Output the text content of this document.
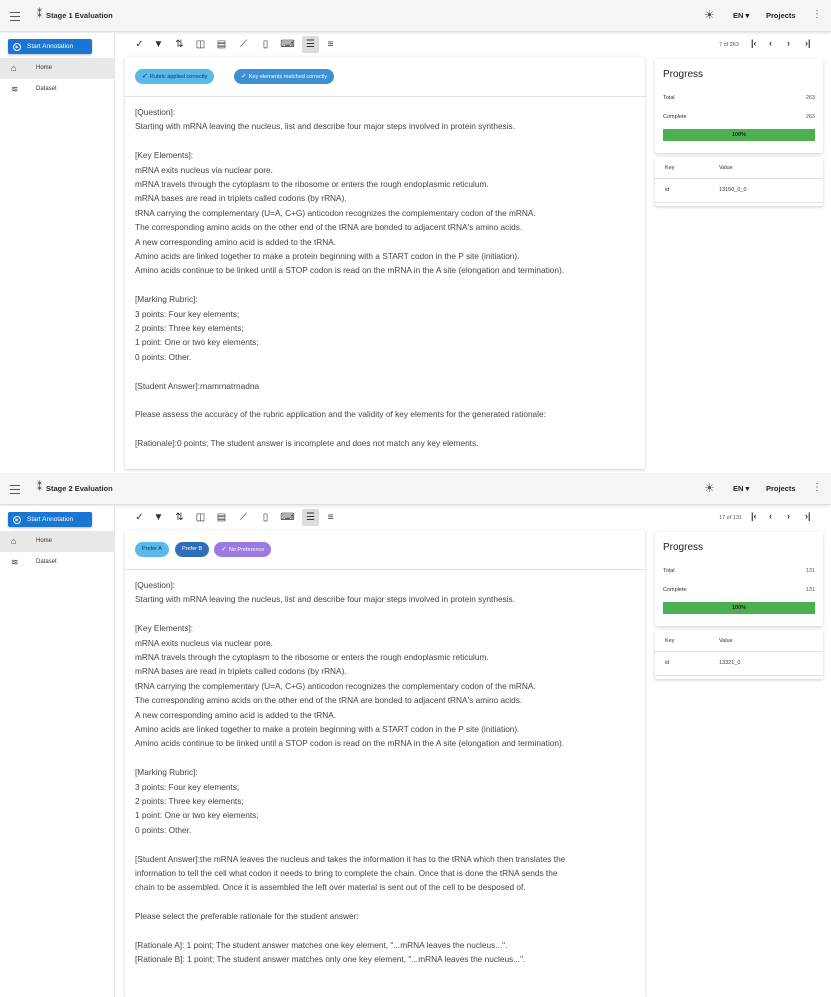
⁑ Stage 1 Evaluation	☀ EN ▾ Projects ⋮
▶	Start Annotation
⌂	Home
≋	Dataset
✓ ▼	⇅	◫	▤	⟋	▯	⌨	☰	≡
✓ Rubric applied correctly	✓ Key elements matched correctly
[Question]:
Starting with mRNA leaving the nucleus, list and describe four major steps involved in protein synthesis.
[Key Elements]:
mRNA exits nucleus via nuclear pore.
mRNA travels through the cytoplasm to the ribosome or enters the rough endoplasmic reticulum.
mRNA bases are read in triplets called codons (by rRNA).
tRNA carrying the complementary (U=A, C+G) anticodon recognizes the complementary codon of the mRNA.
The corresponding amino acids on the other end of the tRNA are bonded to adjacent tRNA's amino acids.
A new corresponding amino acid is added to the tRNA.
Amino acids are linked together to make a protein beginning with a START codon in the P site (initiation).
Amino acids continue to be linked until a STOP codon is read on the mRNA in the A site (elongation and termination).
[Marking Rubric]:
3 points: Four key elements;
2 points: Three key elements;
1 point: One or two key elements;
0 points: Other.
[Student Answer]:rnamrnatrnadna
Please assess the accuracy of the rubric application and the validity of key elements for the generated rationale:
[Rationale]:0 points; The student answer is incomplete and does not match any key elements.
7 of 263 |‹ ‹ › ›|
Progress
Total	263
Complete	263
100%
Key	Value
id	13150_0_0
⁑ Stage 2 Evaluation	☀ EN ▾ Projects ⋮
▶	Start Annotation
⌂	Home
≋	Dataset
✓ ▼	⇅	◫	▤	⟋	▯	⌨	☰	≡
Prefer A	Prefer B	✓ No Preference
[Question]:
Starting with mRNA leaving the nucleus, list and describe four major steps involved in protein synthesis.
[Key Elements]:
mRNA exits nucleus via nuclear pore.
mRNA travels through the cytoplasm to the ribosome or enters the rough endoplasmic reticulum.
mRNA bases are read in triplets called codons (by rRNA).
tRNA carrying the complementary (U=A, C+G) anticodon recognizes the complementary codon of the mRNA.
The corresponding amino acids on the other end of the tRNA are bonded to adjacent tRNA's amino acids.
A new corresponding amino acid is added to the tRNA.
Amino acids are linked together to make a protein beginning with a START codon in the P site (initiation).
Amino acids continue to be linked until a STOP codon is read on the mRNA in the A site (elongation and termination).
[Marking Rubric]:
3 points: Four key elements;
2 points: Three key elements;
1 point: One or two key elements;
0 points: Other.
[Student Answer]:the mRNA leaves the nucleus and takes the information it has to the tRNA which then translates the
information to tell the cell what codon it needs to bring to complete the chain. Once that is done the tRNA sends the
chain to be assembled. Once it is assembled the left over material is sent out of the cell to be desposed of.
Please select the preferable rationale for the student answer:
[Rationale A]: 1 point; The student answer matches one key element, "...mRNA leaves the nucleus...".
[Rationale B]: 1 point; The student answer matches only one key element, "...mRNA leaves the nucleus...".
17 of 131 |‹ ‹ › ›|
Progress
Total	131
Complete	131
100%
Key	Value
id	13321_0
